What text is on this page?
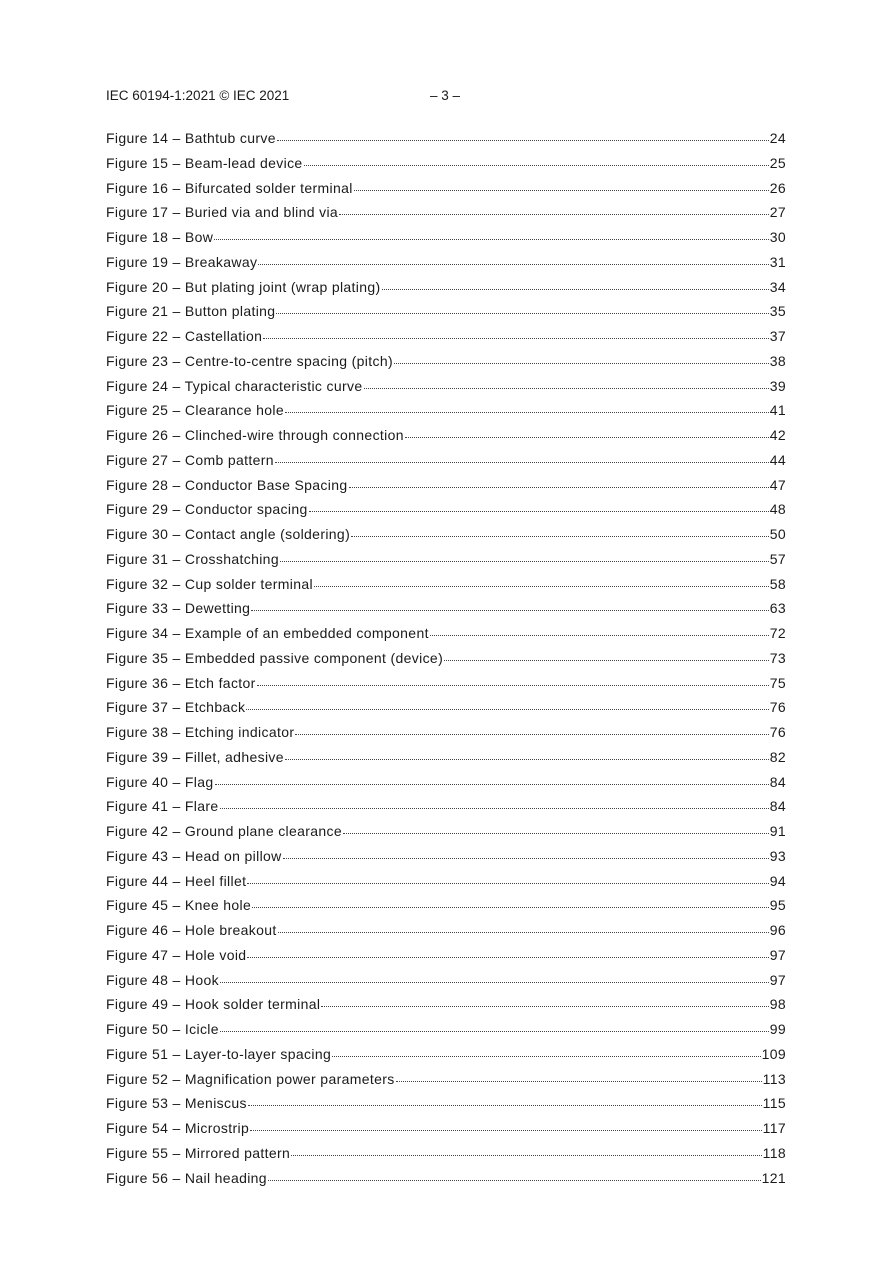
IEC 60194-1:2021 © IEC 2021	– 3 –
Figure 14 – Bathtub curve	24
Figure 15 – Beam-lead device	25
Figure 16 – Bifurcated solder terminal	26
Figure 17 – Buried via and blind via	27
Figure 18 – Bow	30
Figure 19 – Breakaway	31
Figure 20 – But plating joint (wrap plating)	34
Figure 21 – Button plating	35
Figure 22 – Castellation	37
Figure 23 – Centre-to-centre spacing (pitch)	38
Figure 24 – Typical characteristic curve	39
Figure 25 – Clearance hole	41
Figure 26 – Clinched-wire through connection	42
Figure 27 – Comb pattern	44
Figure 28 – Conductor Base Spacing	47
Figure 29 – Conductor spacing	48
Figure 30 – Contact angle (soldering)	50
Figure 31 – Crosshatching	57
Figure 32 – Cup solder terminal	58
Figure 33 – Dewetting	63
Figure 34 – Example of an embedded component	72
Figure 35 – Embedded passive component (device)	73
Figure 36 – Etch factor	75
Figure 37 – Etchback	76
Figure 38 – Etching indicator	76
Figure 39 – Fillet, adhesive	82
Figure 40 – Flag	84
Figure 41 – Flare	84
Figure 42 – Ground plane clearance	91
Figure 43 – Head on pillow	93
Figure 44 – Heel fillet	94
Figure 45 – Knee hole	95
Figure 46 – Hole breakout	96
Figure 47 – Hole void	97
Figure 48 – Hook	97
Figure 49 – Hook solder terminal	98
Figure 50 – Icicle	99
Figure 51 – Layer-to-layer spacing	109
Figure 52 – Magnification power parameters	113
Figure 53 – Meniscus	115
Figure 54 – Microstrip	117
Figure 55 – Mirrored pattern	118
Figure 56 – Nail heading	121
